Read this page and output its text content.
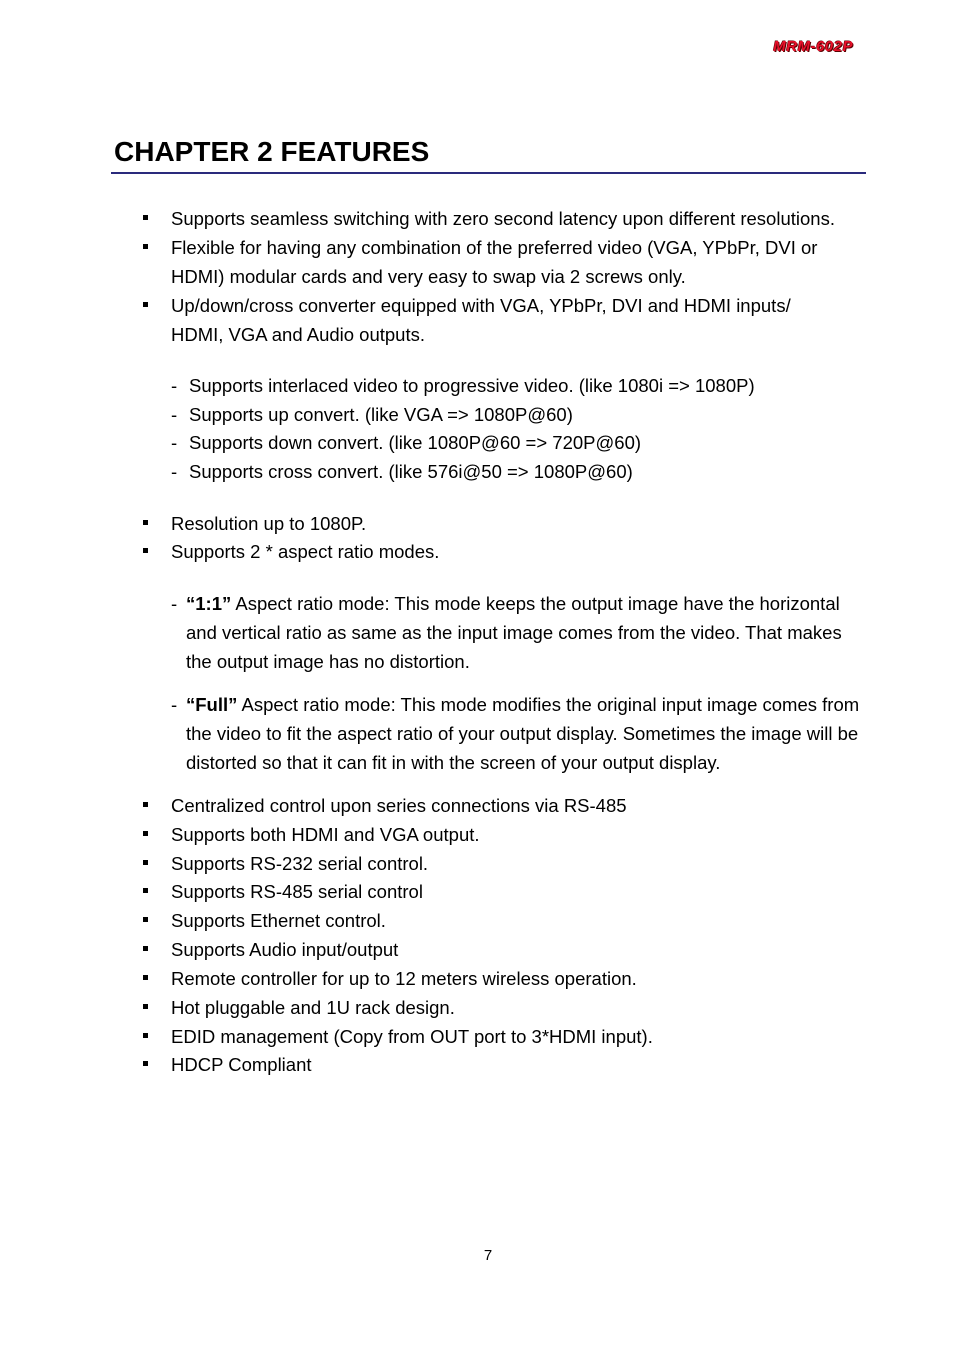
MRM-602P
CHAPTER 2 FEATURES
Supports seamless switching with zero second latency upon different resolutions.
Flexible for having any combination of the preferred video (VGA, YPbPr, DVI or HDMI) modular cards and very easy to swap via 2 screws only.
Up/down/cross converter equipped with VGA, YPbPr, DVI and HDMI inputs/ HDMI, VGA and Audio outputs.
- Supports interlaced video to progressive video. (like 1080i => 1080P)
- Supports up convert. (like VGA => 1080P@60)
- Supports down convert. (like 1080P@60 => 720P@60)
- Supports cross convert. (like 576i@50 => 1080P@60)
Resolution up to 1080P.
Supports 2 * aspect ratio modes.
- “1:1” Aspect ratio mode: This mode keeps the output image have the horizontal and vertical ratio as same as the input image comes from the video. That makes the output image has no distortion.
- “Full” Aspect ratio mode: This mode modifies the original input image comes from the video to fit the aspect ratio of your output display. Sometimes the image will be distorted so that it can fit in with the screen of your output display.
Centralized control upon series connections via RS-485
Supports both HDMI and VGA output.
Supports RS-232 serial control.
Supports RS-485 serial control
Supports Ethernet control.
Supports Audio input/output
Remote controller for up to 12 meters wireless operation.
Hot pluggable and 1U rack design.
EDID management (Copy from OUT port to 3*HDMI input).
HDCP Compliant
7
